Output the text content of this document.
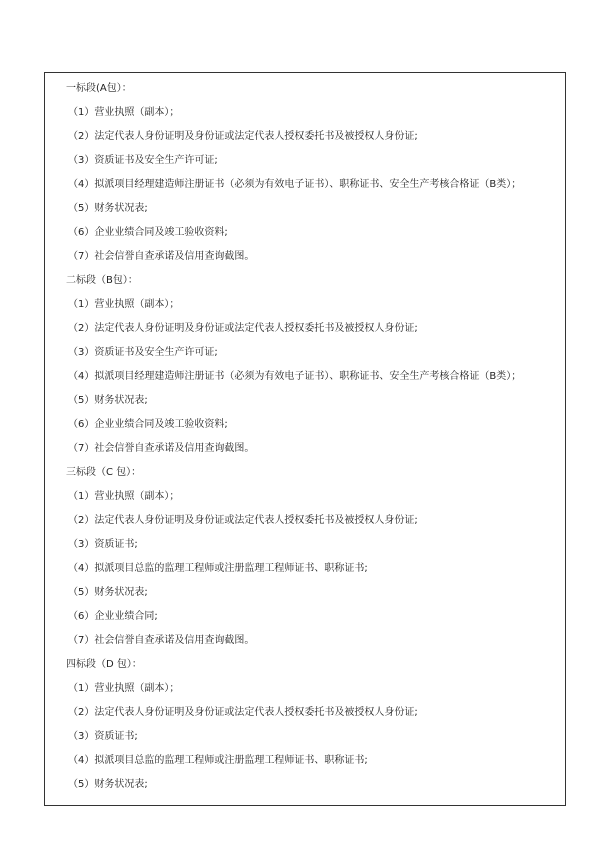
一标段(A包）：
（1）营业执照（副本）；
（2）法定代表人身份证明及身份证或法定代表人授权委托书及被授权人身份证;
（3）资质证书及安全生产许可证;
（4）拟派项目经理建造师注册证书（必须为有效电子证书）、职称证书、安全生产考核合格证（B类）；
（5）财务状况表;
（6）企业业绩合同及竣工验收资料;
（7）社会信誉自查承诺及信用查询截图。
二标段（B包）：
（1）营业执照（副本）；
（2）法定代表人身份证明及身份证或法定代表人授权委托书及被授权人身份证;
（3）资质证书及安全生产许可证;
（4）拟派项目经理建造师注册证书（必须为有效电子证书）、职称证书、安全生产考核合格证（B类）；
（5）财务状况表;
（6）企业业绩合同及竣工验收资料;
（7）社会信誉自查承诺及信用查询截图。
三标段（C 包）：
（1）营业执照（副本）；
（2）法定代表人身份证明及身份证或法定代表人授权委托书及被授权人身份证;
（3）资质证书;
（4）拟派项目总监的监理工程师或注册监理工程师证书、职称证书;
（5）财务状况表;
（6）企业业绩合同;
（7）社会信誉自查承诺及信用查询截图。
四标段（D 包）：
（1）营业执照（副本）；
（2）法定代表人身份证明及身份证或法定代表人授权委托书及被授权人身份证;
（3）资质证书;
（4）拟派项目总监的监理工程师或注册监理工程师证书、职称证书;
（5）财务状况表;
